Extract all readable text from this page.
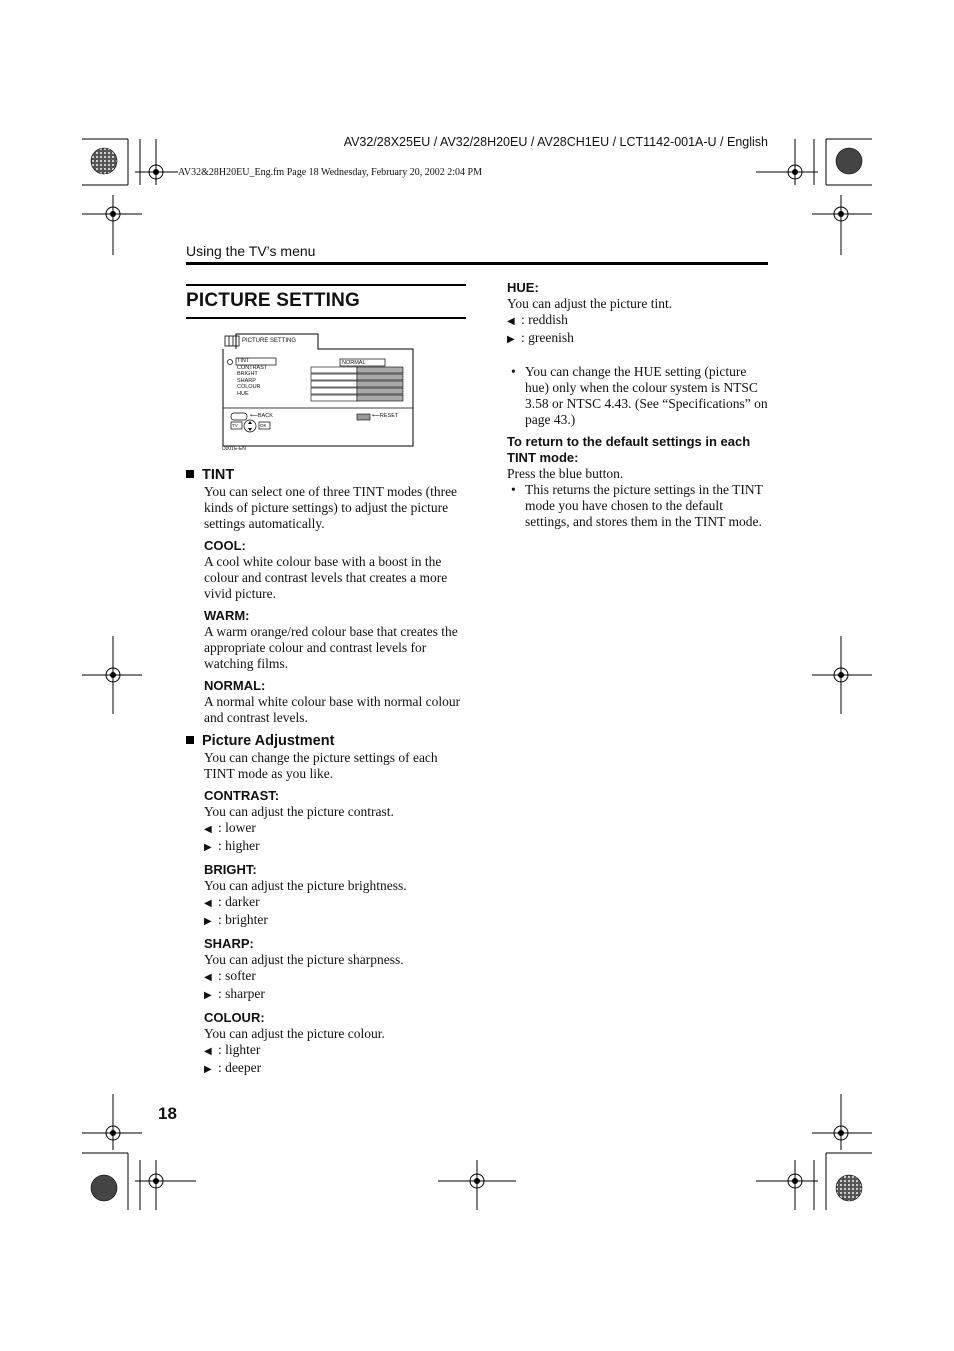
AV32/28X25EU / AV32/28H20EU / AV28CH1EU / LCT1142-001A-U / English
AV32&28H20EU_Eng.fm Page 18 Wednesday, February 20, 2002 2:04 PM
Using the TV’s menu
PICTURE SETTING
PICTURE SETTING
TINT
CONTRAST
BRIGHT
SHARP
COLOUR
HUE
NORMAL
⟵BACK	⟵RESET
TV	OK
D001E-EN
TINT

You can select one of three TINT modes (three kinds of picture settings) to adjust the picture settings automatically.

COOL:

A cool white colour base with a boost in the colour and contrast levels that creates a more vivid picture.

WARM:

A warm orange/red colour base that creates the appropriate colour and contrast levels for watching films.

NORMAL:

A normal white colour base with normal colour and contrast levels.

Picture Adjustment

You can change the picture settings of each TINT mode as you like.

CONTRAST:

You can adjust the picture contrast.

◀ : lower

▶ : higher

BRIGHT:

You can adjust the picture brightness.

◀ : darker

▶ : brighter

SHARP:

You can adjust the picture sharpness.

◀ : softer

▶ : sharper

COLOUR:

You can adjust the picture colour.

◀ : lighter

▶ : deeper

HUE:

You can adjust the picture tint.

◀ : reddish

▶ : greenish

• You can change the HUE setting (picture hue) only when the colour system is NTSC 3.58 or NTSC 4.43. (See “Specifications” on page 43.)

To return to the default settings in each TINT mode:

Press the blue button.

• This returns the picture settings in the TINT mode you have chosen to the default settings, and stores them in the TINT mode.
18
